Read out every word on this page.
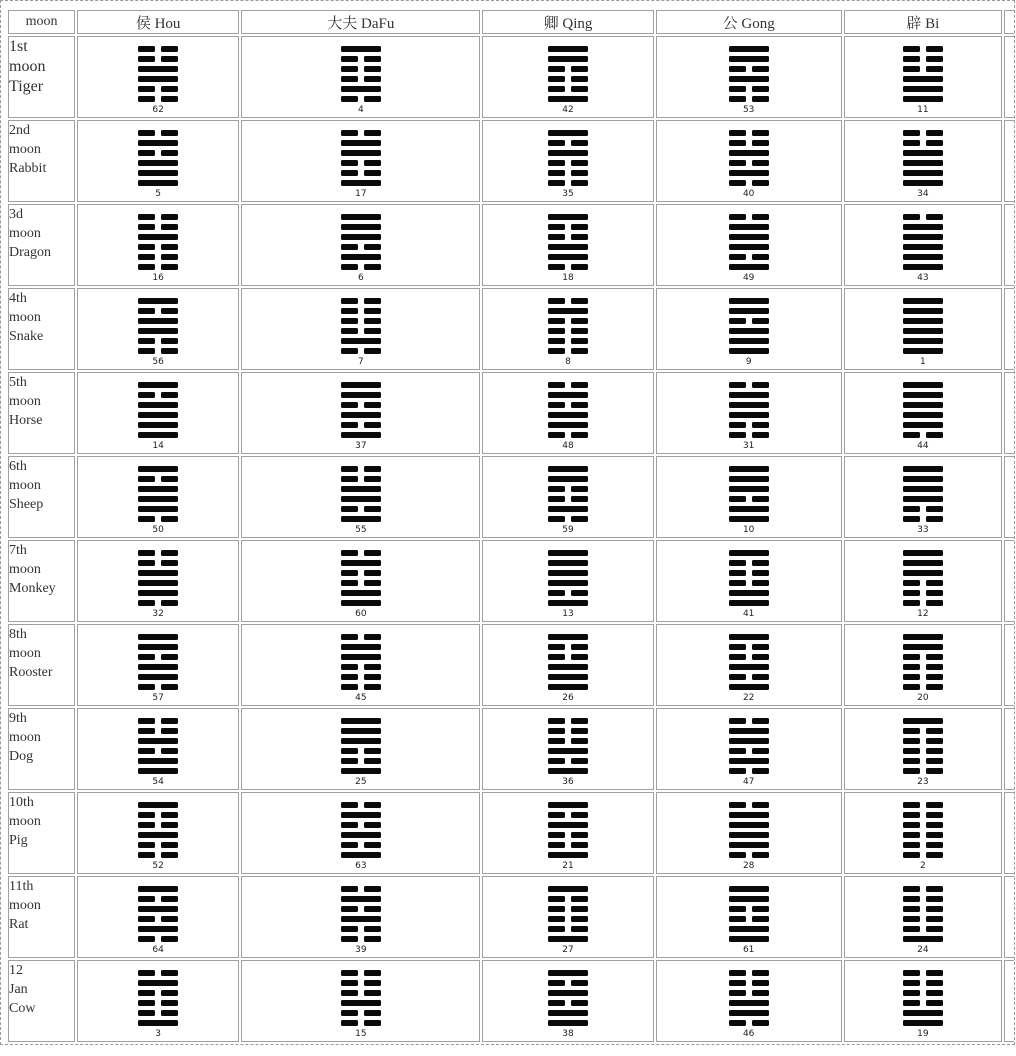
moon	侯 Hou	大夫 DaFu	卿 Qing	公 Gong	辟 Bi	

1st
moon
Tiger	62	4	42	53	11	

2nd
moon
Rabbit	5	17	35	40	34	

3d
moon
Dragon	16	6	18	49	43	

4th
moon
Snake	56	7	8	9	1	

5th
moon
Horse	14	37	48	31	44	

6th
moon
Sheep	50	55	59	10	33	

7th
moon
Monkey	32	60	13	41	12	

8th
moon
Rooster	57	45	26	22	20	

9th
moon
Dog	54	25	36	47	23	

10th
moon
Pig	52	63	21	28	2	

11th
moon
Rat	64	39	27	61	24	

12
Jan
Cow	3	15	38	46	19	
